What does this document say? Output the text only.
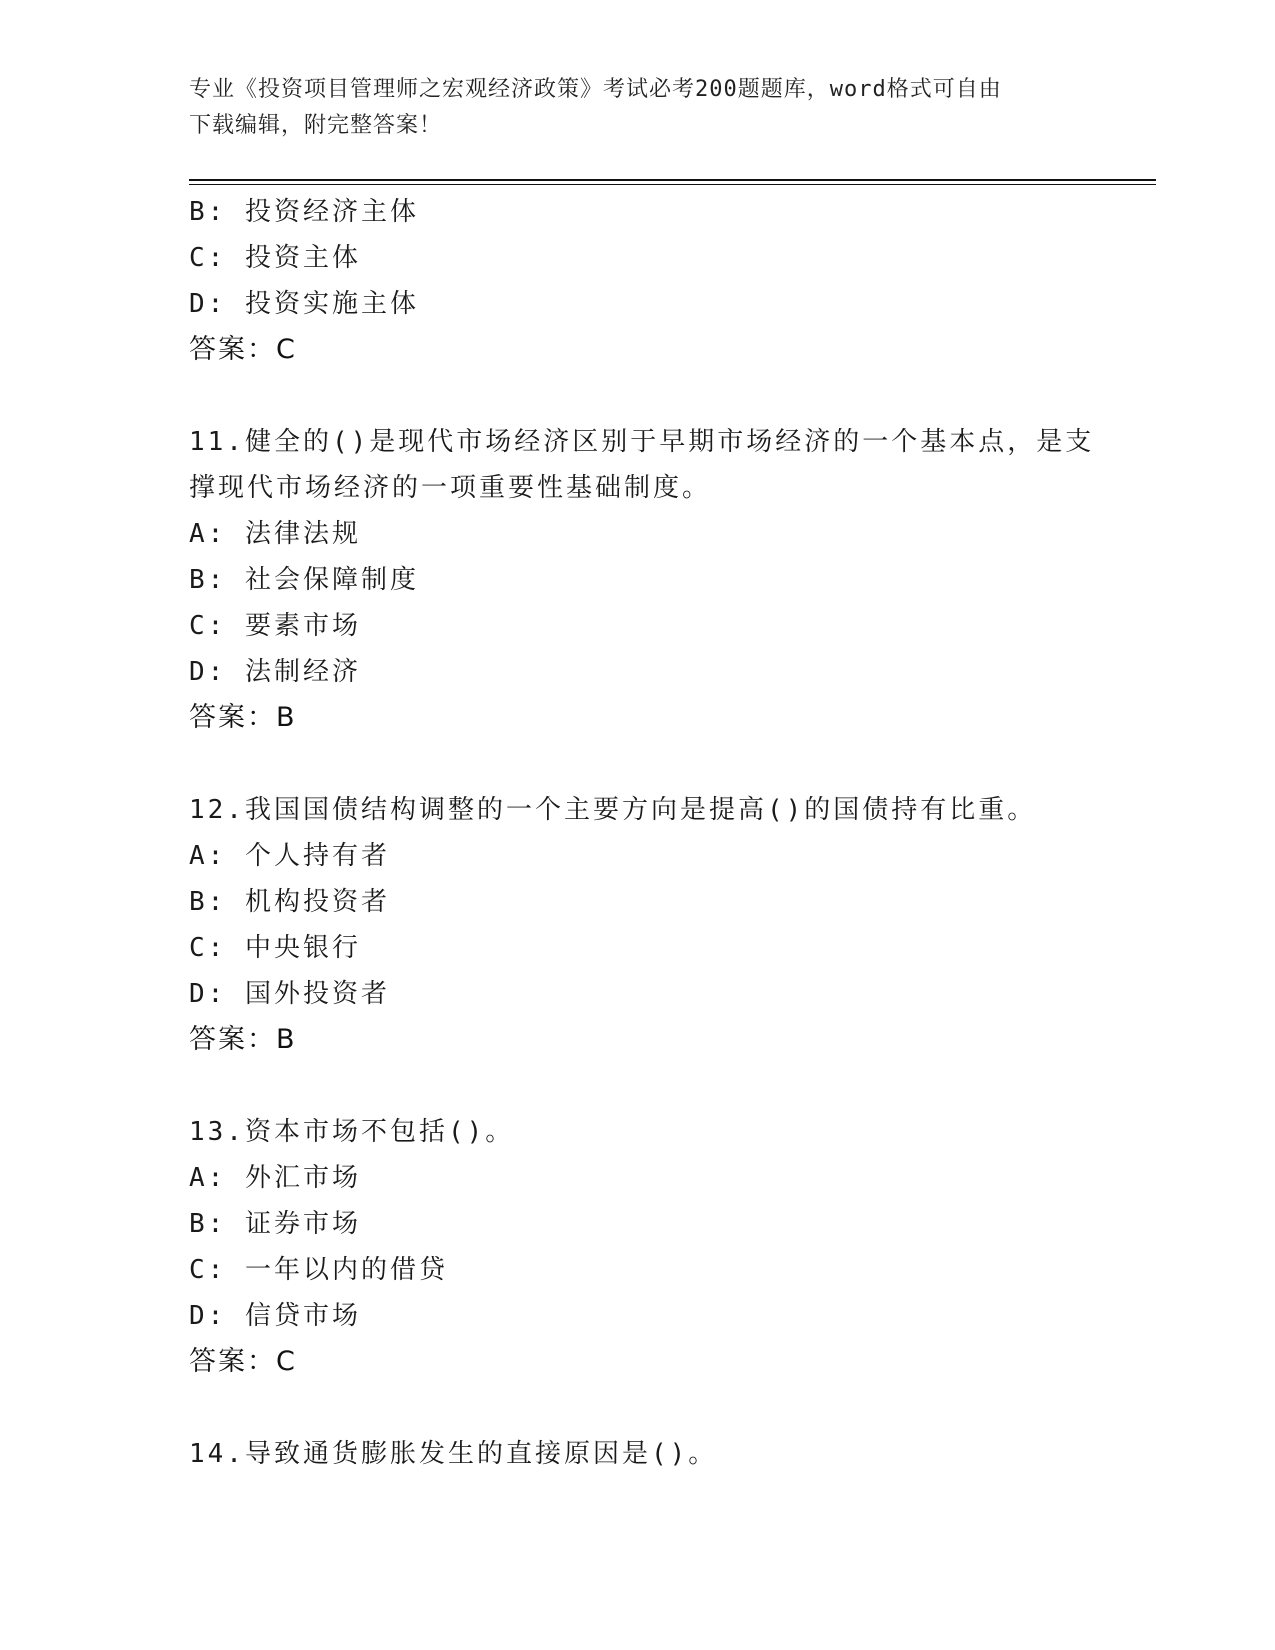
专业《投资项目管理师之宏观经济政策》考试必考200题题库，word格式可自由
下载编辑，附完整答案！
B: 投资经济主体
C: 投资主体
D: 投资实施主体
答案：C
11.健全的()是现代市场经济区别于早期市场经济的一个基本点，是支
撑现代市场经济的一项重要性基础制度。
A: 法律法规
B: 社会保障制度
C: 要素市场
D: 法制经济
答案：B
12.我国国债结构调整的一个主要方向是提高()的国债持有比重。
A: 个人持有者
B: 机构投资者
C: 中央银行
D: 国外投资者
答案：B
13.资本市场不包括()。
A: 外汇市场
B: 证券市场
C: 一年以内的借贷
D: 信贷市场
答案：C
14.导致通货膨胀发生的直接原因是()。
